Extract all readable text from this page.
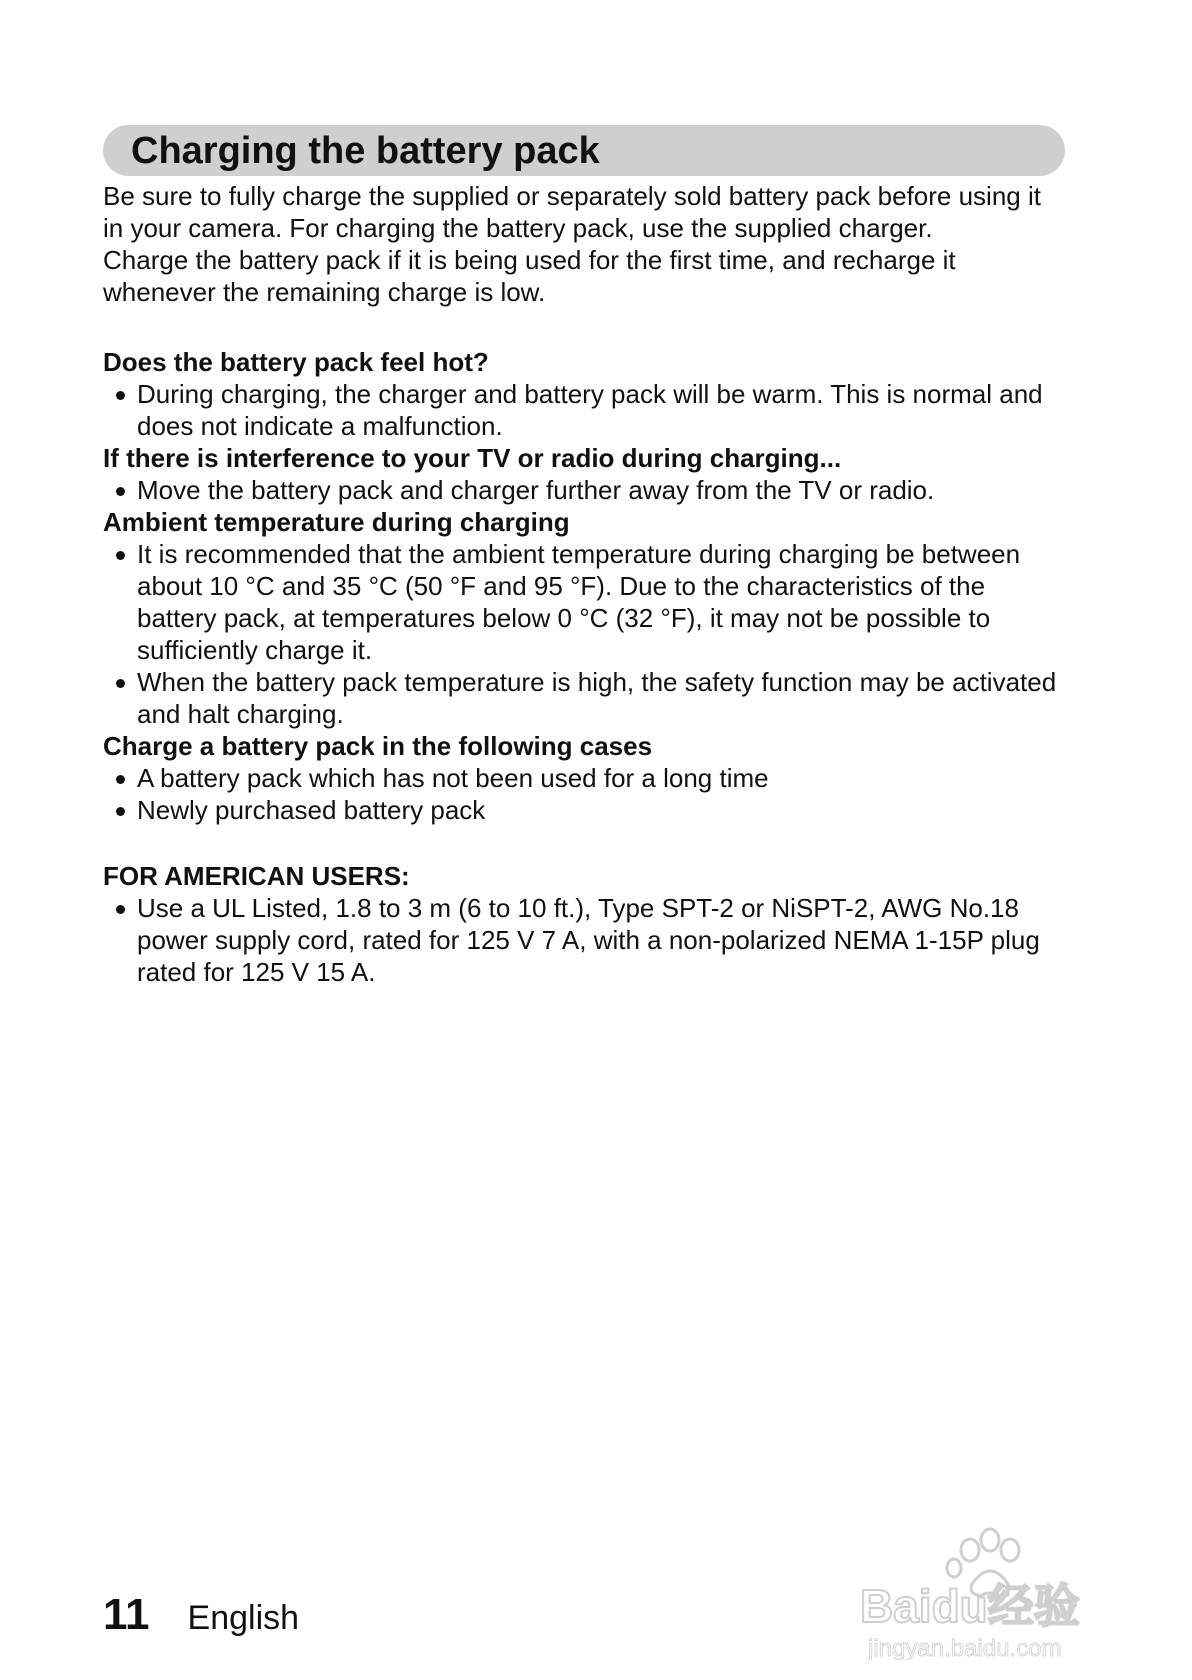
Charging the battery pack

Be sure to fully charge the supplied or separately sold battery pack before using it in your camera. For charging the battery pack, use the supplied charger.

Charge the battery pack if it is being used for the first time, and recharge it whenever the remaining charge is low.

Does the battery pack feel hot?

During charging, the charger and battery pack will be warm. This is normal and does not indicate a malfunction.

If there is interference to your TV or radio during charging...

Move the battery pack and charger further away from the TV or radio.

Ambient temperature during charging

It is recommended that the ambient temperature during charging be between about 10 °C and 35 °C (50 °F and 95 °F). Due to the characteristics of the battery pack, at temperatures below 0 °C (32 °F), it may not be possible to sufficiently charge it.
When the battery pack temperature is high, the safety function may be activated and halt charging.

Charge a battery pack in the following cases

A battery pack which has not been used for a long time
Newly purchased battery pack

FOR AMERICAN USERS:

Use a UL Listed, 1.8 to 3 m (6 to 10 ft.), Type SPT-2 or NiSPT-2, AWG No.18 power supply cord, rated for 125 V 7 A, with a non-polarized NEMA 1-15P plug rated for 125 V 15 A.
11 English	Baidu经验
jingyan.baidu.com
